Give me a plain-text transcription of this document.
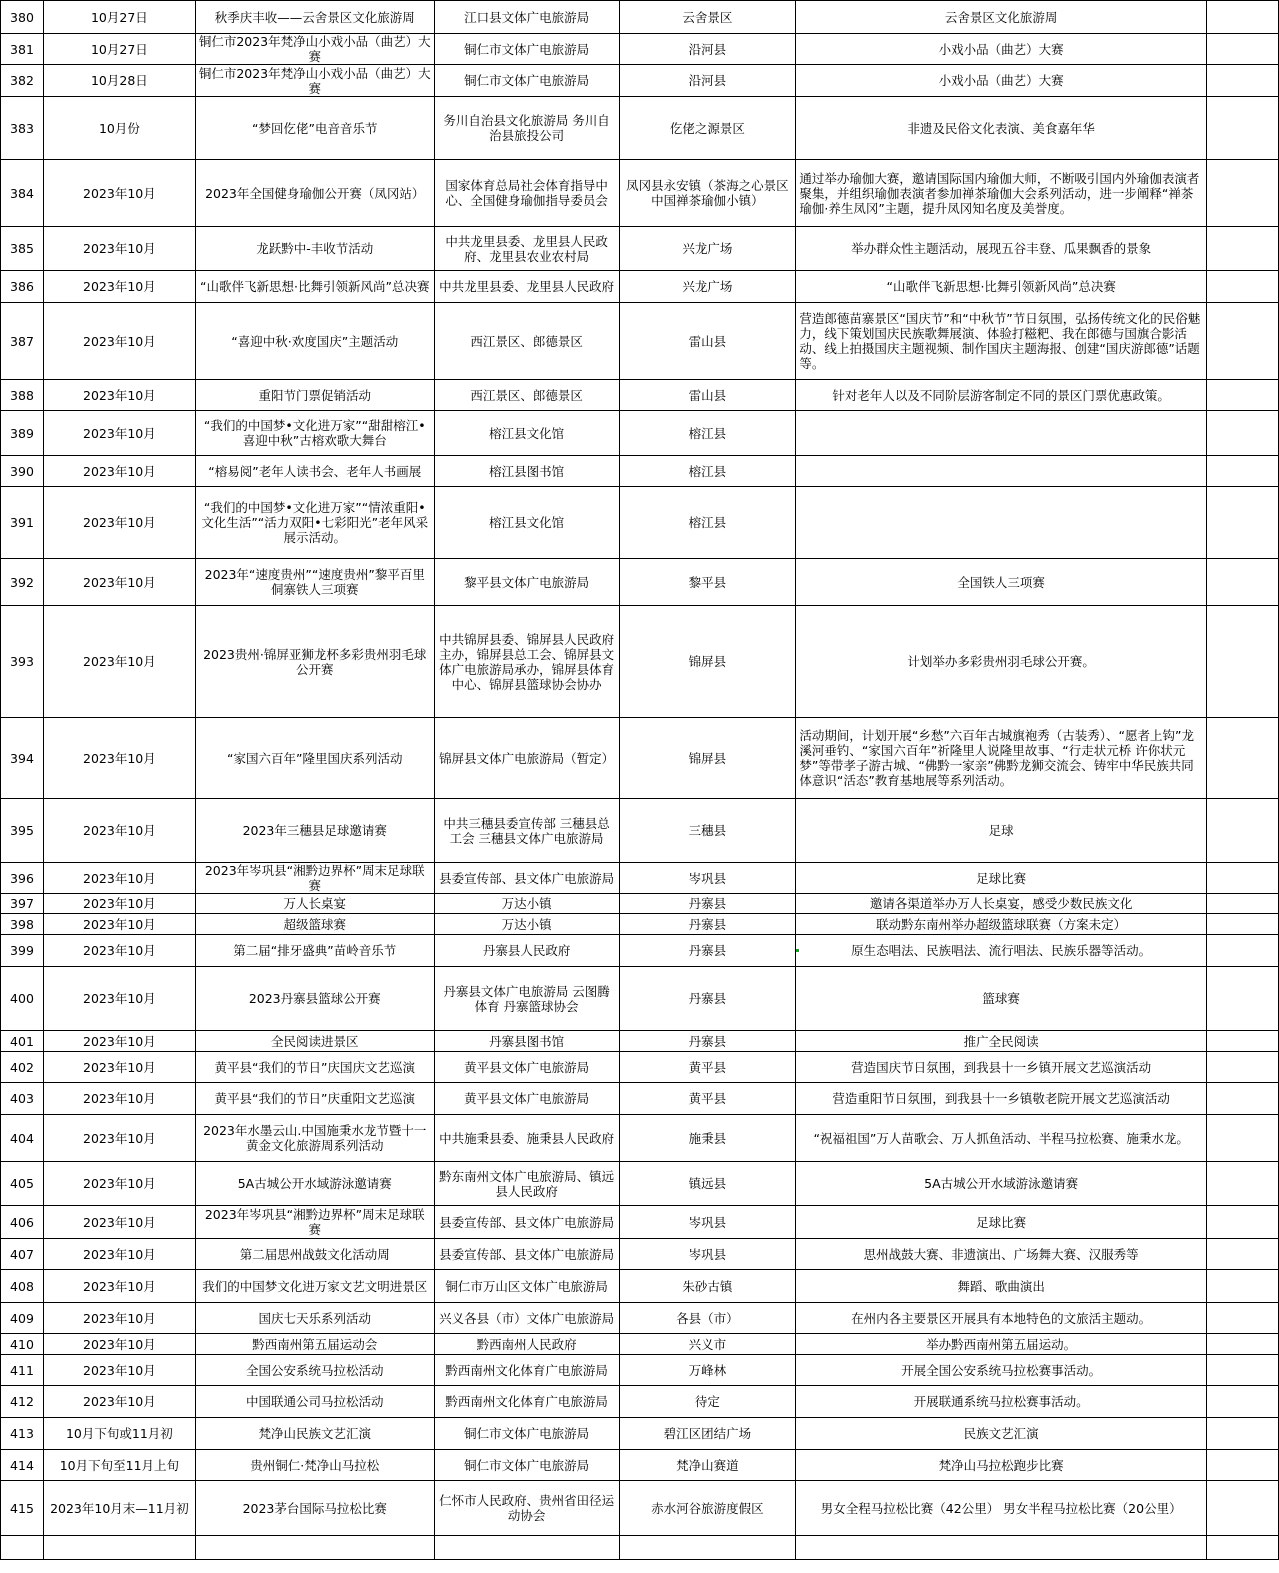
380	10月27日	秋季庆丰收——云舍景区文化旅游周	江口县文体广电旅游局	云舍景区	云舍景区文化旅游周	
381	10月27日	铜仁市2023年梵净山小戏小品（曲艺）大赛	铜仁市文体广电旅游局	沿河县	小戏小品（曲艺）大赛	
382	10月28日	铜仁市2023年梵净山小戏小品（曲艺）大赛	铜仁市文体广电旅游局	沿河县	小戏小品（曲艺）大赛	
383	10月份	“梦回仡佬”电音音乐节	务川自治县文化旅游局 务川自治县旅投公司	仡佬之源景区	非遗及民俗文化表演、美食嘉年华	
384	2023年10月	2023年全国健身瑜伽公开赛（凤冈站）	国家体育总局社会体育指导中心、全国健身瑜伽指导委员会	凤冈县永安镇（茶海之心景区中国禅茶瑜伽小镇）	通过举办瑜伽大赛，邀请国际国内瑜伽大师，不断吸引国内外瑜伽表演者聚集，并组织瑜伽表演者参加禅茶瑜伽大会系列活动，进一步阐释“禅茶瑜伽·养生凤冈”主题，提升凤冈知名度及美誉度。	
385	2023年10月	龙跃黔中-丰收节活动	中共龙里县委、龙里县人民政府、龙里县农业农村局	兴龙广场	举办群众性主题活动，展现五谷丰登、瓜果飘香的景象	
386	2023年10月	“山歌伴飞新思想·比舞引领新风尚”总决赛	中共龙里县委、龙里县人民政府	兴龙广场	“山歌伴飞新思想·比舞引领新风尚”总决赛	
387	2023年10月	“喜迎中秋·欢度国庆”主题活动	西江景区、郎德景区	雷山县	营造郎德苗寨景区“国庆节”和“中秋节”节日氛围，弘扬传统文化的民俗魅力，线下策划国庆民族歌舞展演、体验打糍粑、我在郎德与国旗合影活动、线上拍摄国庆主题视频、制作国庆主题海报、创建“国庆游郎德”话题等。	
388	2023年10月	重阳节门票促销活动	西江景区、郎德景区	雷山县	针对老年人以及不同阶层游客制定不同的景区门票优惠政策。	
389	2023年10月	“我们的中国梦•文化进万家”“甜甜榕江•喜迎中秋”古榕欢歌大舞台	榕江县文化馆	榕江县		
390	2023年10月	“榕易阅”老年人读书会、老年人书画展	榕江县图书馆	榕江县		
391	2023年10月	“我们的中国梦•文化进万家”“情浓重阳•文化生活”“活力双阳•七彩阳光”老年风采展示活动。	榕江县文化馆	榕江县		
392	2023年10月	2023年“速度贵州”“速度贵州”黎平百里侗寨铁人三项赛	黎平县文体广电旅游局	黎平县	全国铁人三项赛	
393	2023年10月	2023贵州·锦屏亚狮龙杯多彩贵州羽毛球公开赛	中共锦屏县委、锦屏县人民政府主办，锦屏县总工会、锦屏县文体广电旅游局承办，锦屏县体育中心、锦屏县篮球协会协办	锦屏县	计划举办多彩贵州羽毛球公开赛。	
394	2023年10月	“家国六百年”隆里国庆系列活动	锦屏县文体广电旅游局（暂定）	锦屏县	活动期间，计划开展“乡愁”六百年古城旗袍秀（古装秀）、“愿者上钩”龙溪河垂钓、“家国六百年”祈隆里人说隆里故事、“行走状元桥 许你状元梦”等带孝子游古城、“佛黔一家亲”佛黔龙狮交流会、铸牢中华民族共同体意识“活态”教育基地展等系列活动。	
395	2023年10月	2023年三穗县足球邀请赛	中共三穗县委宣传部 三穗县总工会 三穗县文体广电旅游局	三穗县	足球	
396	2023年10月	2023年岑巩县“湘黔边界杯”周末足球联赛	县委宣传部、县文体广电旅游局	岑巩县	足球比赛	
397	2023年10月	万人长桌宴	万达小镇	丹寨县	邀请各渠道举办万人长桌宴，感受少数民族文化	
398	2023年10月	超级篮球赛	万达小镇	丹寨县	联动黔东南州举办超级篮球联赛（方案未定）	
399	2023年10月	第二届“排牙盛典”苗岭音乐节	丹寨县人民政府	丹寨县	原生态唱法、民族唱法、流行唱法、民族乐器等活动。	
400	2023年10月	2023丹寨县篮球公开赛	丹寨县文体广电旅游局 云图腾体育 丹寨篮球协会	丹寨县	篮球赛	
401	2023年10月	全民阅读进景区	丹寨县图书馆	丹寨县	推广全民阅读	
402	2023年10月	黄平县“我们的节日”庆国庆文艺巡演	黄平县文体广电旅游局	黄平县	营造国庆节日氛围，到我县十一乡镇开展文艺巡演活动	
403	2023年10月	黄平县“我们的节日”庆重阳文艺巡演	黄平县文体广电旅游局	黄平县	营造重阳节日氛围，到我县十一乡镇敬老院开展文艺巡演活动	
404	2023年10月	2023年水墨云山.中国施秉水龙节暨十一黄金文化旅游周系列活动	中共施秉县委、施秉县人民政府	施秉县	“祝福祖国”万人苗歌会、万人抓鱼活动、半程马拉松赛、施秉水龙。	
405	2023年10月	5A古城公开水域游泳邀请赛	黔东南州文体广电旅游局、镇远县人民政府	镇远县	5A古城公开水域游泳邀请赛	
406	2023年10月	2023年岑巩县“湘黔边界杯”周末足球联赛	县委宣传部、县文体广电旅游局	岑巩县	足球比赛	
407	2023年10月	第二届思州战鼓文化活动周	县委宣传部、县文体广电旅游局	岑巩县	思州战鼓大赛、非遗演出、广场舞大赛、汉服秀等	
408	2023年10月	我们的中国梦文化进万家文艺文明进景区	铜仁市万山区文体广电旅游局	朱砂古镇	舞蹈、歌曲演出	
409	2023年10月	国庆七天乐系列活动	兴义各县（市）文体广电旅游局	各县（市）	在州内各主要景区开展具有本地特色的文旅活主题动。	
410	2023年10月	黔西南州第五届运动会	黔西南州人民政府	兴义市	举办黔西南州第五届运动。	
411	2023年10月	全国公安系统马拉松活动	黔西南州文化体育广电旅游局	万峰林	开展全国公安系统马拉松赛事活动。	
412	2023年10月	中国联通公司马拉松活动	黔西南州文化体育广电旅游局	待定	开展联通系统马拉松赛事活动。	
413	10月下旬或11月初	梵净山民族文艺汇演	铜仁市文体广电旅游局	碧江区团结广场	民族文艺汇演	
414	10月下旬至11月上旬	贵州铜仁·梵净山马拉松	铜仁市文体广电旅游局	梵净山赛道	梵净山马拉松跑步比赛	
415	2023年10月末—11月初	2023茅台国际马拉松比赛	仁怀市人民政府、贵州省田径运动协会	赤水河谷旅游度假区	男女全程马拉松比赛（42公里） 男女半程马拉松比赛（20公里）	
